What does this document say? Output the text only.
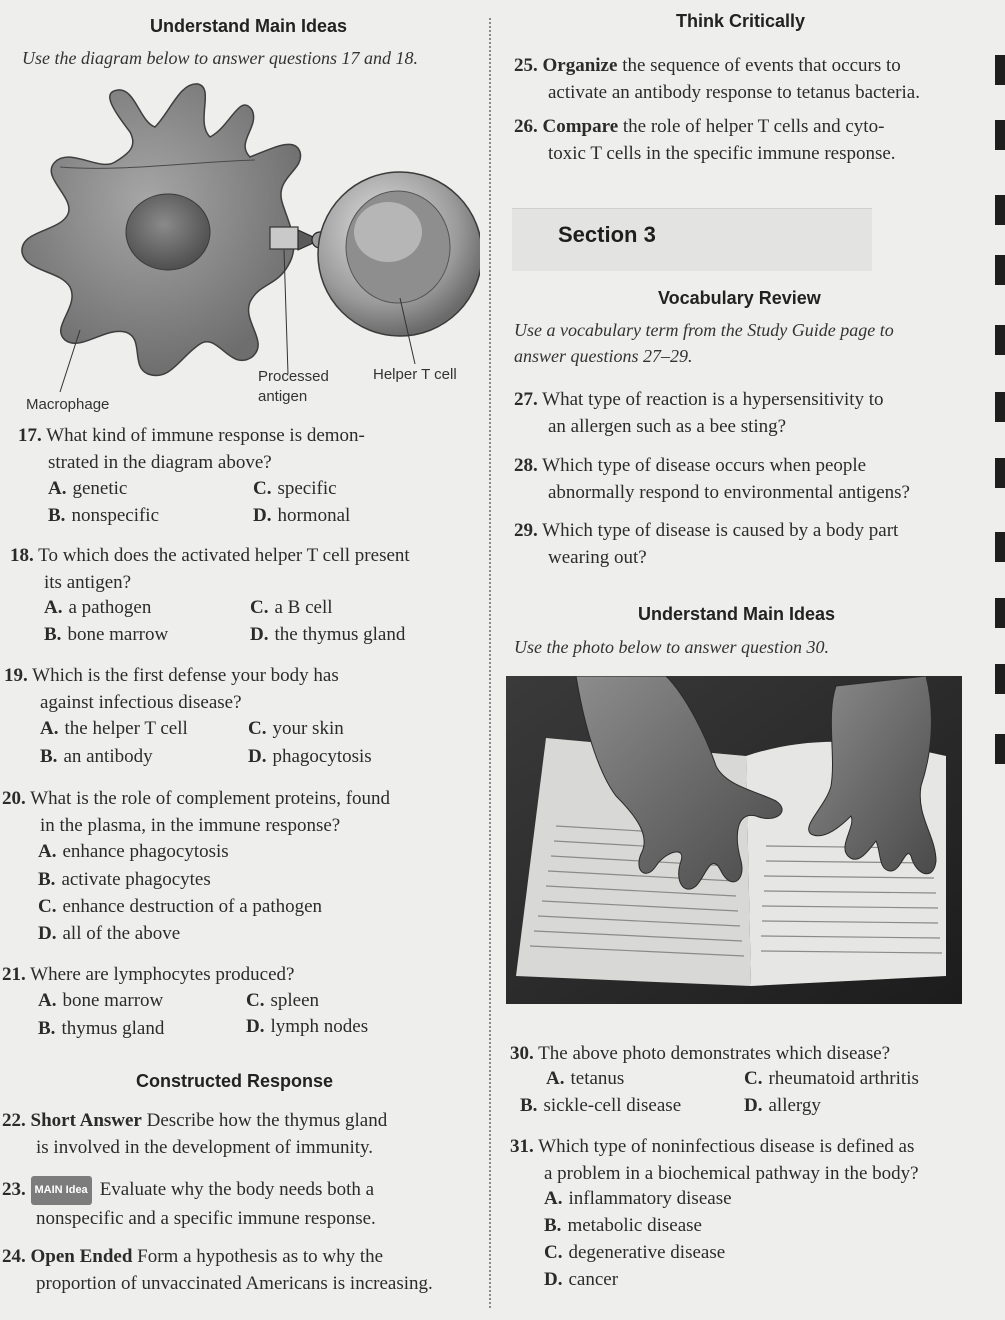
Understand Main Ideas
Use the diagram below to answer questions 17 and 18.
Processed
antigen
Helper T cell
Macrophage
17. What kind of immune response is demon-
strated in the diagram above?
A. genetic	C. specific
B. nonspecific	D. hormonal
18. To which does the activated helper T cell present
its antigen?
A. a pathogen	C. a B cell
B. bone marrow	D. the thymus gland
19. Which is the first defense your body has
against infectious disease?
A. the helper T cell	C. your skin
B. an antibody	D. phagocytosis
20. What is the role of complement proteins, found
in the plasma, in the immune response?
A. enhance phagocytosis
B. activate phagocytes
C. enhance destruction of a pathogen
D. all of the above
21. Where are lymphocytes produced?
A. bone marrow	C. spleen
B. thymus gland	D. lymph nodes
Constructed Response
22. Short Answer Describe how the thymus gland
is involved in the development of immunity.
23. MAIN Idea Evaluate why the body needs both a
nonspecific and a specific immune response.
24. Open Ended Form a hypothesis as to why the
proportion of unvaccinated Americans is increasing.
Think Critically
25. Organize the sequence of events that occurs to
activate an antibody response to tetanus bacteria.
26. Compare the role of helper T cells and cyto-
toxic T cells in the specific immune response.
Section 3
Vocabulary Review
Use a vocabulary term from the Study Guide page to
answer questions 27–29.
27. What type of reaction is a hypersensitivity to
an allergen such as a bee sting?
28. Which type of disease occurs when people
abnormally respond to environmental antigens?
29. Which type of disease is caused by a body part
wearing out?
Understand Main Ideas
Use the photo below to answer question 30.
30. The above photo demonstrates which disease?
A. tetanus	C. rheumatoid arthritis
B. sickle-cell disease	D. allergy
31. Which type of noninfectious disease is defined as
a problem in a biochemical pathway in the body?
A. inflammatory disease
B. metabolic disease
C. degenerative disease
D. cancer
